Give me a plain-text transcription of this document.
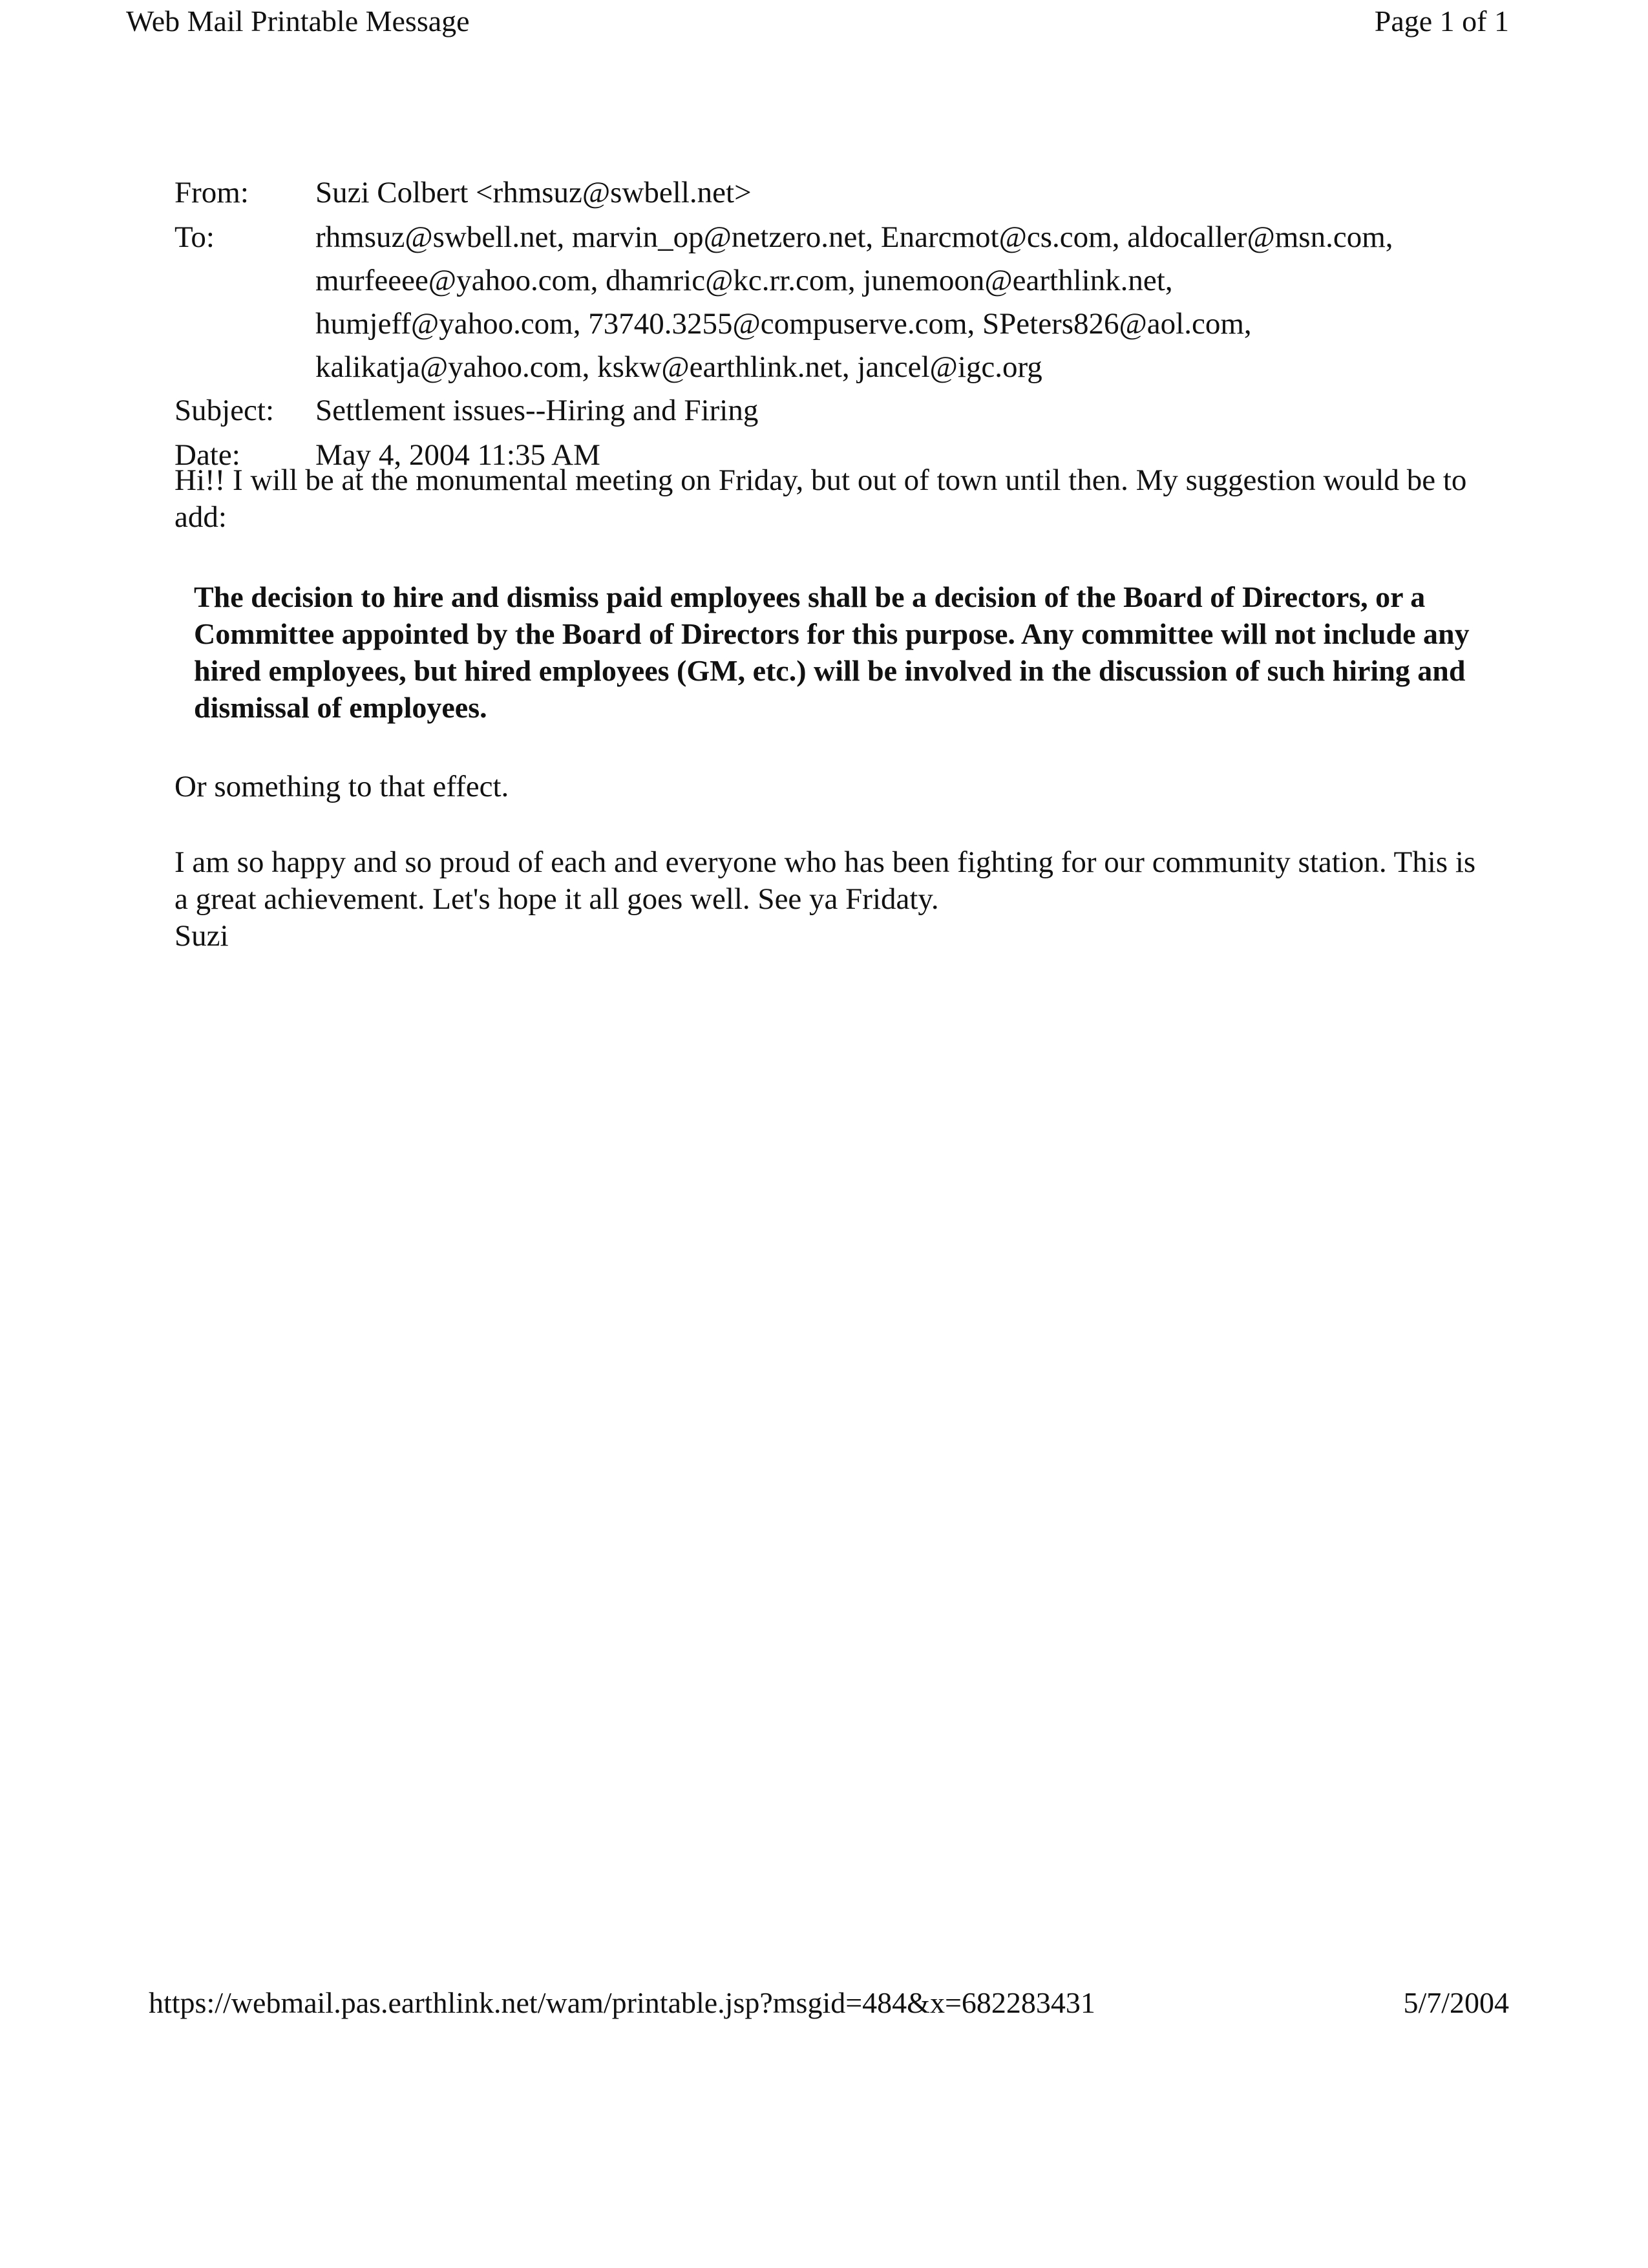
Web Mail Printable Message	Page 1 of 1
From:	Suzi Colbert <rhmsuz@swbell.net>
To:	rhmsuz@swbell.net, marvin_op@netzero.net, Enarcmot@cs.com, aldocaller@msn.com,
murfeeee@yahoo.com, dhamric@kc.rr.com, junemoon@earthlink.net,
humjeff@yahoo.com, 73740.3255@compuserve.com, SPeters826@aol.com,
kalikatja@yahoo.com, kskw@earthlink.net, jancel@igc.org
Subject:	Settlement issues--Hiring and Firing
Date:	May 4, 2004 11:35 AM

Hi!! I will be at the monumental meeting on Friday, but out of town until then. My suggestion would be to add:

The decision to hire and dismiss paid employees shall be a decision of the Board of Directors, or a Committee appointed by the Board of Directors for this purpose. Any committee will not include any hired employees, but hired employees (GM, etc.) will be involved in the discussion of such hiring and dismissal of employees.

Or something to that effect.

I am so happy and so proud of each and everyone who has been fighting for our community station. This is a great achievement. Let's hope it all goes well. See ya Fridaty.

Suzi

https://webmail.pas.earthlink.net/wam/printable.jsp?msgid=484&x=682283431	5/7/2004
